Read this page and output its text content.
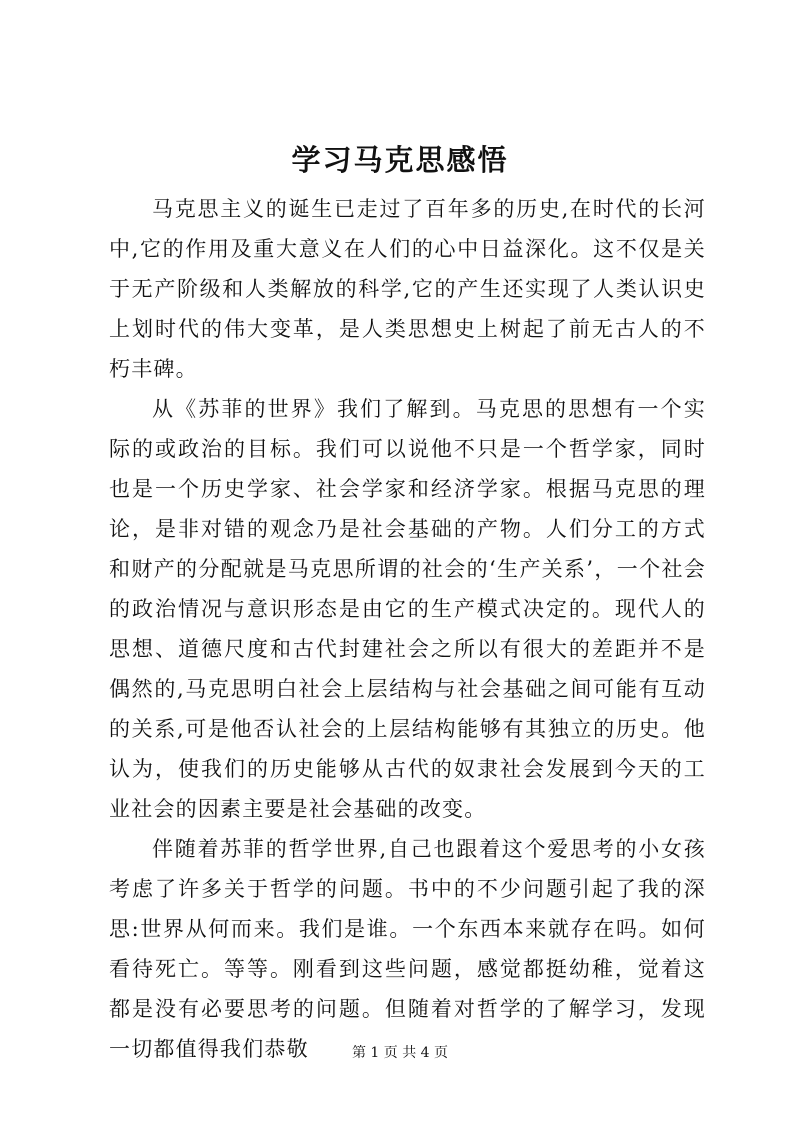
学习马克思感悟

马克思主义的诞生已走过了百年多的历史,在时代的长河中,它的作用及重大意义在人们的心中日益深化。这不仅是关于无产阶级和人类解放的科学,它的产生还实现了人类认识史上划时代的伟大变革，是人类思想史上树起了前无古人的不朽丰碑。

从《苏菲的世界》我们了解到。马克思的思想有一个实际的或政治的目标。我们可以说他不只是一个哲学家，同时也是一个历史学家、社会学家和经济学家。根据马克思的理论，是非对错的观念乃是社会基础的产物。人们分工的方式和财产的分配就是马克思所谓的社会的‘生产关系’，一个社会的政治情况与意识形态是由它的生产模式决定的。现代人的思想、道德尺度和古代封建社会之所以有很大的差距并不是偶然的,马克思明白社会上层结构与社会基础之间可能有互动的关系,可是他否认社会的上层结构能够有其独立的历史。他认为，使我们的历史能够从古代的奴隶社会发展到今天的工业社会的因素主要是社会基础的改变。

伴随着苏菲的哲学世界,自己也跟着这个爱思考的小女孩考虑了许多关于哲学的问题。书中的不少问题引起了我的深思:世界从何而来。我们是谁。一个东西本来就存在吗。如何看待死亡。等等。刚看到这些问题，感觉都挺幼稚，觉着这都是没有必要思考的问题。但随着对哲学的了解学习，发现一切都值得我们恭敬	第 1 页 共 4 页
